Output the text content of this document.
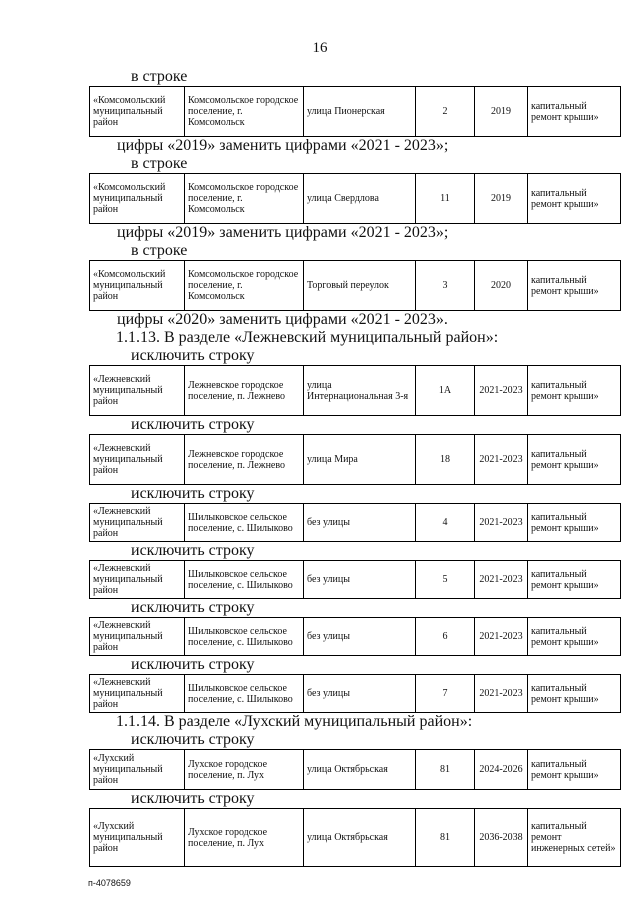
16
в строке
«Комсомольский муниципальный район	Комсомольское городское поселение, г. Комсомольск	улица Пионерская	2	2019	капитальный ремонт крыши»
цифры «2019» заменить цифрами «2021 - 2023»;
в строке
«Комсомольский муниципальный район	Комсомольское городское поселение, г. Комсомольск	улица Свердлова	11	2019	капитальный ремонт крыши»
цифры «2019» заменить цифрами «2021 - 2023»;
в строке
«Комсомольский муниципальный район	Комсомольское городское поселение, г. Комсомольск	Торговый переулок	3	2020	капитальный ремонт крыши»
цифры «2020» заменить цифрами «2021 - 2023».
1.1.13. В разделе «Лежневский муниципальный район»:
исключить строку
«Лежневский муниципальный район	Лежневское городское поселение, п. Лежнево	улица Интернациональная 3-я	1А	2021-2023	капитальный ремонт крыши»
исключить строку
«Лежневский муниципальный район	Лежневское городское поселение, п. Лежнево	улица Мира	18	2021-2023	капитальный ремонт крыши»
исключить строку
«Лежневский муниципальный район	Шилыковское сельское поселение, с. Шилыково	без улицы	4	2021-2023	капитальный ремонт крыши»
исключить строку
«Лежневский муниципальный район	Шилыковское сельское поселение, с. Шилыково	без улицы	5	2021-2023	капитальный ремонт крыши»
исключить строку
«Лежневский муниципальный район	Шилыковское сельское поселение, с. Шилыково	без улицы	6	2021-2023	капитальный ремонт крыши»
исключить строку
«Лежневский муниципальный район	Шилыковское сельское поселение, с. Шилыково	без улицы	7	2021-2023	капитальный ремонт крыши»
1.1.14. В разделе «Лухский муниципальный район»:
исключить строку
«Лухский муниципальный район	Лухское городское поселение, п. Лух	улица Октябрьская	81	2024-2026	капитальный ремонт крыши»
исключить строку
«Лухский муниципальный район	Лухское городское поселение, п. Лух	улица Октябрьская	81	2036-2038	капитальный ремонт инженерных сетей»
п-4078659
